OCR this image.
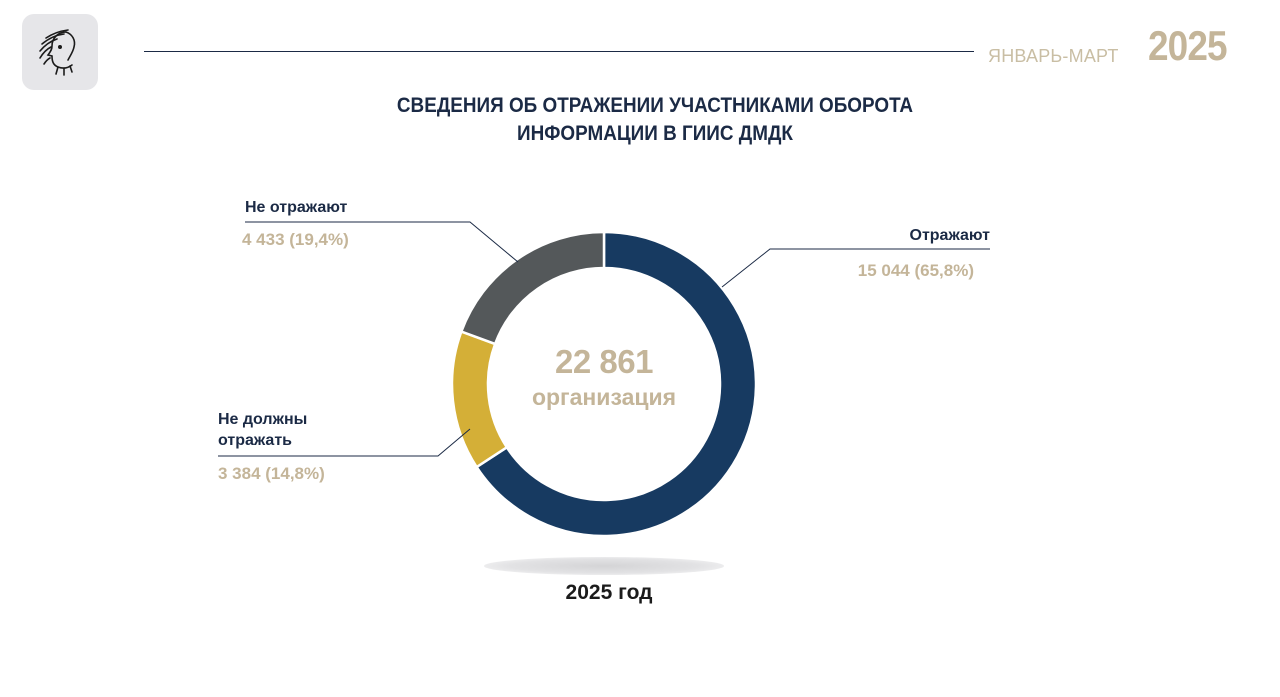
ЯНВАРЬ-МАРТ 2025
СВЕДЕНИЯ ОБ ОТРАЖЕНИИ УЧАСТНИКАМИ ОБОРОТА
ИНФОРМАЦИИ В ГИИС ДМДК
Отражают
15 044 (65,8%)
Не должны
отражать
3 384 (14,8%)
Не отражают
4 433 (19,4%)
22 861
организация
2025 год
